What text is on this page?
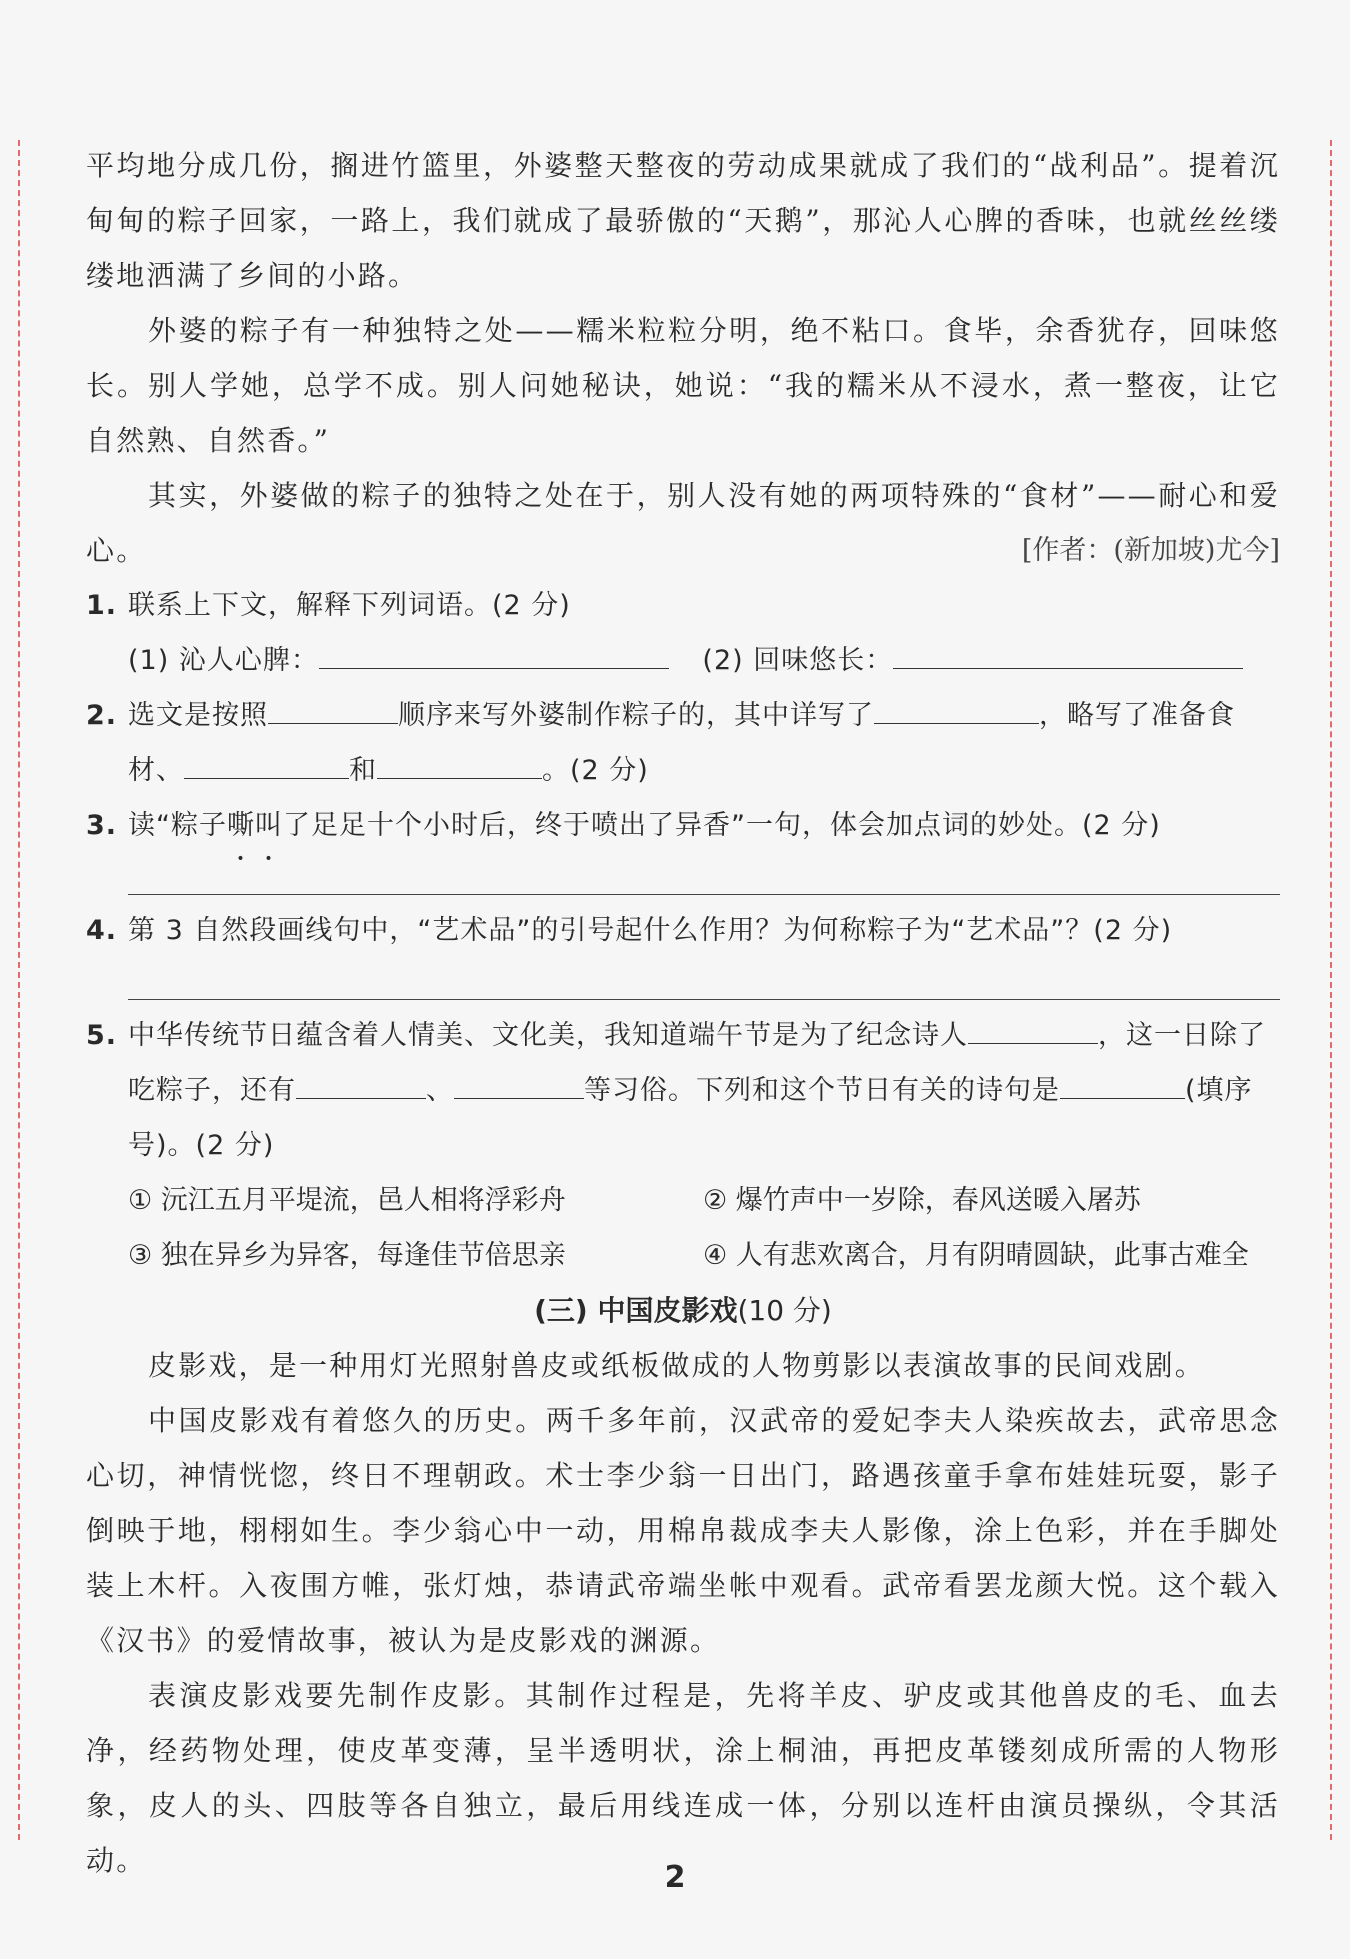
平均地分成几份，搁进竹篮里，外婆整天整夜的劳动成果就成了我们的“战利品”。提着沉甸甸的粽子回家，一路上，我们就成了最骄傲的“天鹅”，那沁人心脾的香味，也就丝丝缕缕地洒满了乡间的小路。

外婆的粽子有一种独特之处——糯米粒粒分明，绝不粘口。食毕，余香犹存，回味悠长。别人学她，总学不成。别人问她秘诀，她说：“我的糯米从不浸水，煮一整夜，让它自然熟、自然香。”

其实，外婆做的粽子的独特之处在于，别人没有她的两项特殊的“食材”——耐心和爱心。	[作者：(新加坡)尤今]
1. 联系上下文，解释下列词语。(2 分)
(1) 沁人心脾：	(2) 回味悠长：
2. 选文是按照	顺序来写外婆制作粽子的，其中详写了	，略写了准备食材、	和	。(2 分)
3. 读“粽子嘶叫了足足十个小时后，终于喷出了异香”一句，体会加点词的妙处。(2 分)
4. 第 3 自然段画线句中，“艺术品”的引号起什么作用？为何称粽子为“艺术品”？(2 分)
5. 中华传统节日蕴含着人情美、文化美，我知道端午节是为了纪念诗人	，这一日除了吃粽子，还有	、	等习俗。下列和这个节日有关的诗句是	(填序号)。(2 分)
① 沅江五月平堤流，邑人相将浮彩舟	② 爆竹声中一岁除，春风送暖入屠苏
③ 独在异乡为异客，每逢佳节倍思亲	④ 人有悲欢离合，月有阴晴圆缺，此事古难全
(三) 中国皮影戏(10 分)

皮影戏，是一种用灯光照射兽皮或纸板做成的人物剪影以表演故事的民间戏剧。

中国皮影戏有着悠久的历史。两千多年前，汉武帝的爱妃李夫人染疾故去，武帝思念心切，神情恍惚，终日不理朝政。术士李少翁一日出门，路遇孩童手拿布娃娃玩耍，影子倒映于地，栩栩如生。李少翁心中一动，用棉帛裁成李夫人影像，涂上色彩，并在手脚处装上木杆。入夜围方帷，张灯烛，恭请武帝端坐帐中观看。武帝看罢龙颜大悦。这个载入《汉书》的爱情故事，被认为是皮影戏的渊源。

表演皮影戏要先制作皮影。其制作过程是，先将羊皮、驴皮或其他兽皮的毛、血去净，经药物处理，使皮革变薄，呈半透明状，涂上桐油，再把皮革镂刻成所需的人物形象，皮人的头、四肢等各自独立，最后用线连成一体，分别以连杆由演员操纵，令其活动。	2
